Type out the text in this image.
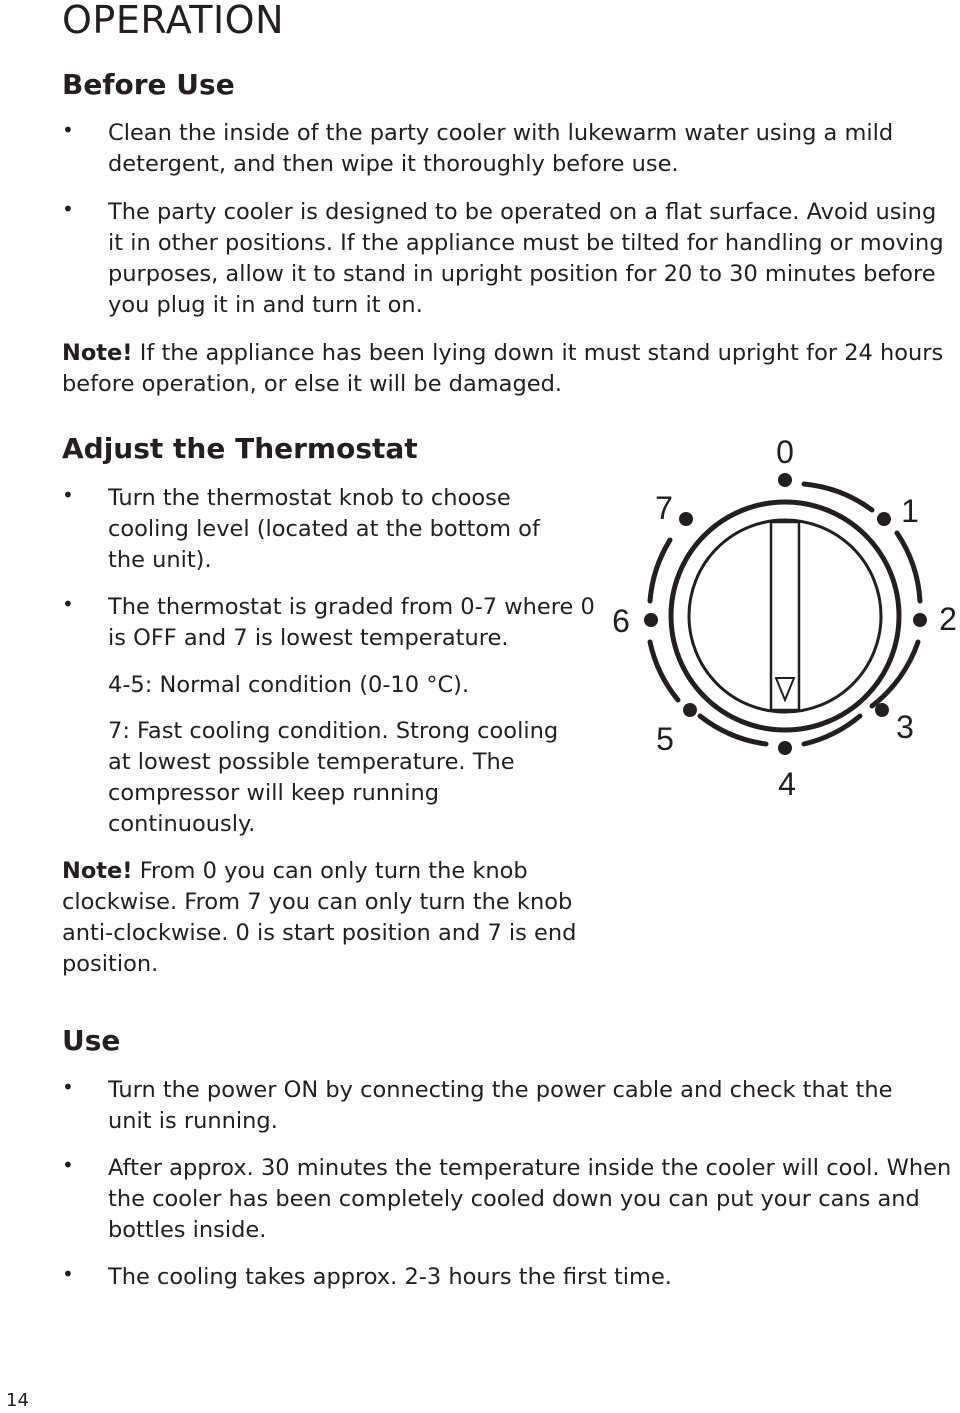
OPERATION
Before Use
• Clean the inside of the party cooler with lukewarm water using a mild detergent, and then wipe it thoroughly before use.

• The party cooler is designed to be operated on a flat surface. Avoid using it in other positions. If the appliance must be tilted for handling or moving purposes, allow it to stand in upright position for 20 to 30 minutes before you plug it in and turn it on.

Note! If the appliance has been lying down it must stand upright for 24 hours before operation, or else it will be damaged.

Adjust the Thermostat
• Turn the thermostat knob to choose cooling level (located at the bottom of the unit).

• The thermostat is graded from 0-7 where 0 is OFF and 7 is lowest temperature.

4-5: Normal condition (0-10 °C).

7: Fast cooling condition. Strong cooling at lowest possible temperature. The compressor will keep running continuously.

Note! From 0 you can only turn the knob clockwise. From 7 you can only turn the knob anti-clockwise. 0 is start position and 7 is end position.

0
1
2
3
4
5
6
7
Use
• Turn the power ON by connecting the power cable and check that the unit is running.

• After approx. 30 minutes the temperature inside the cooler will cool. When the cooler has been completely cooled down you can put your cans and bottles inside.

• The cooling takes approx. 2-3 hours the first time.

14
